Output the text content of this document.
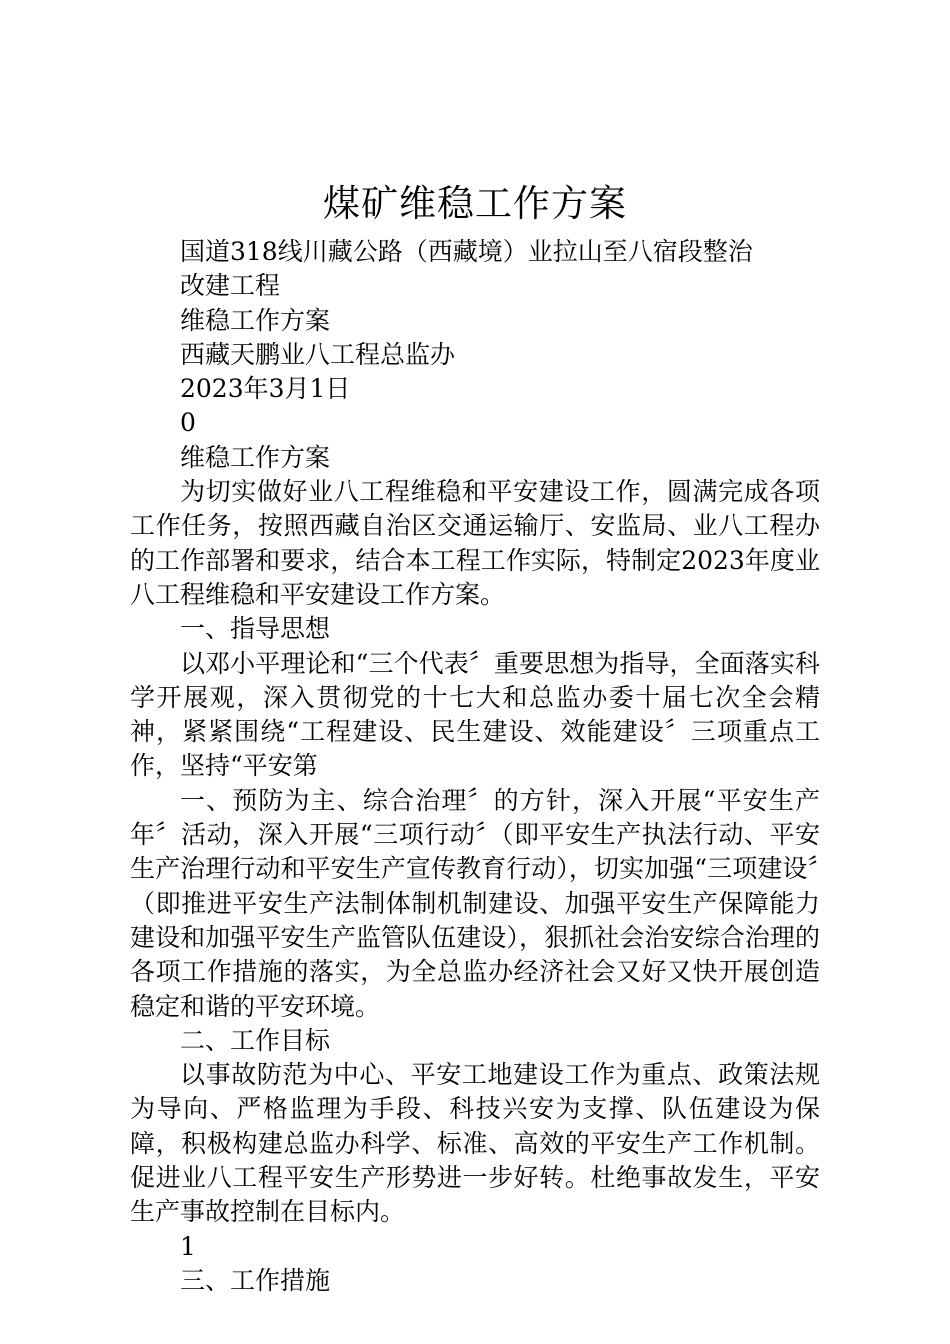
煤矿维稳工作方案
国道318线川藏公路（西藏境）业拉山至八宿段整治
改建工程
维稳工作方案
西藏天鹏业八工程总监办
2023年3月1日
0
维稳工作方案

为切实做好业八工程维稳和平安建设工作，圆满完成各项工作任务，按照西藏自治区交通运输厅、安监局、业八工程办的工作部署和要求，结合本工程工作实际，特制定2023年度业八工程维稳和平安建设工作方案。

一、指导思想

以邓小平理论和“三个代表〞重要思想为指导，全面落实科学开展观，深入贯彻党的十七大和总监办委十届七次全会精神，紧紧围绕“工程建设、民生建设、效能建设〞三项重点工作，坚持“平安第

一、预防为主、综合治理〞的方针，深入开展“平安生产年〞活动，深入开展“三项行动〞（即平安生产执法行动、平安生产治理行动和平安生产宣传教育行动），切实加强“三项建设〞（即推进平安生产法制体制机制建设、加强平安生产保障能力建设和加强平安生产监管队伍建设），狠抓社会治安综合治理的各项工作措施的落实，为全总监办经济社会又好又快开展创造稳定和谐的平安环境。

二、工作目标

以事故防范为中心、平安工地建设工作为重点、政策法规为导向、严格监理为手段、科技兴安为支撑、队伍建设为保障，积极构建总监办科学、标准、高效的平安生产工作机制。促进业八工程平安生产形势进一步好转。杜绝事故发生，平安生产事故控制在目标内。

1
三、工作措施
